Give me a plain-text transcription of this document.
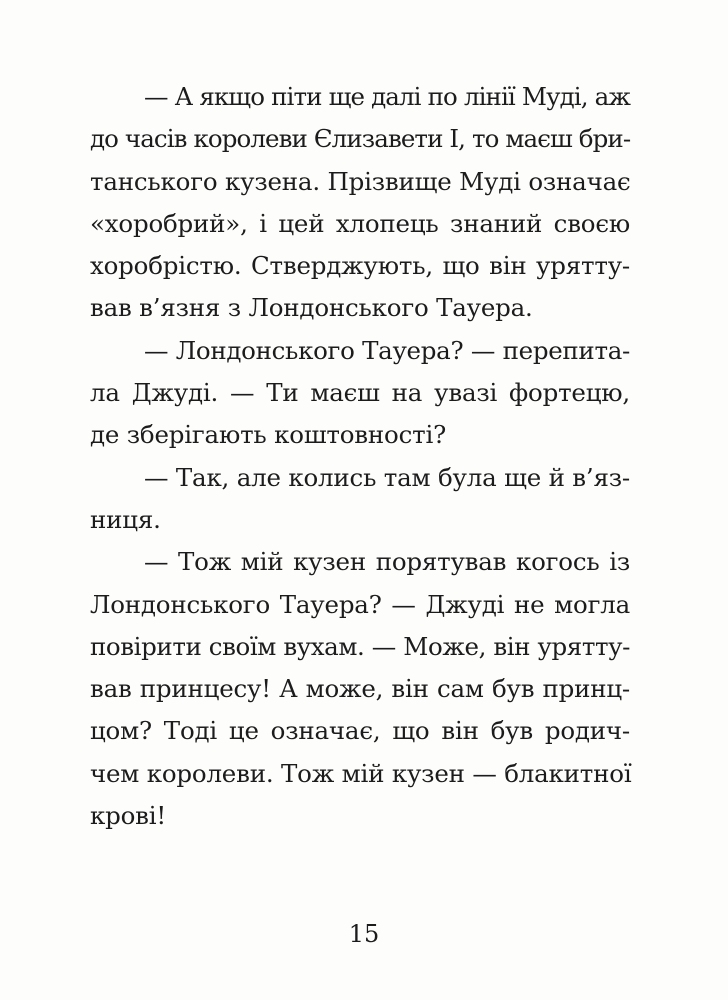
— А якщо піти ще далі по лінії Муді, аж
до часів королеви Єлизавети I, то маєш бри-
танського кузена. Прізвище Муді означає
«хоробрий», і цей хлопець знаний своєю
хоробрістю. Стверджують, що він урятту-
вав в’язня з Лондонського Тауера.
— Лондонського Тауера? — перепита-
ла Джуді. — Ти маєш на увазі фортецю,
де зберігають коштовності?
— Так, але колись там була ще й в’яз-
ниця.
— Тож мій кузен порятував когось із
Лондонського Тауера? — Джуді не могла
повірити своїм вухам. — Може, він урятту-
вав принцесу! А може, він сам був принц-
цом? Тоді це означає, що він був родич-
чем королеви. Тож мій кузен — блакитної
крові!
15
